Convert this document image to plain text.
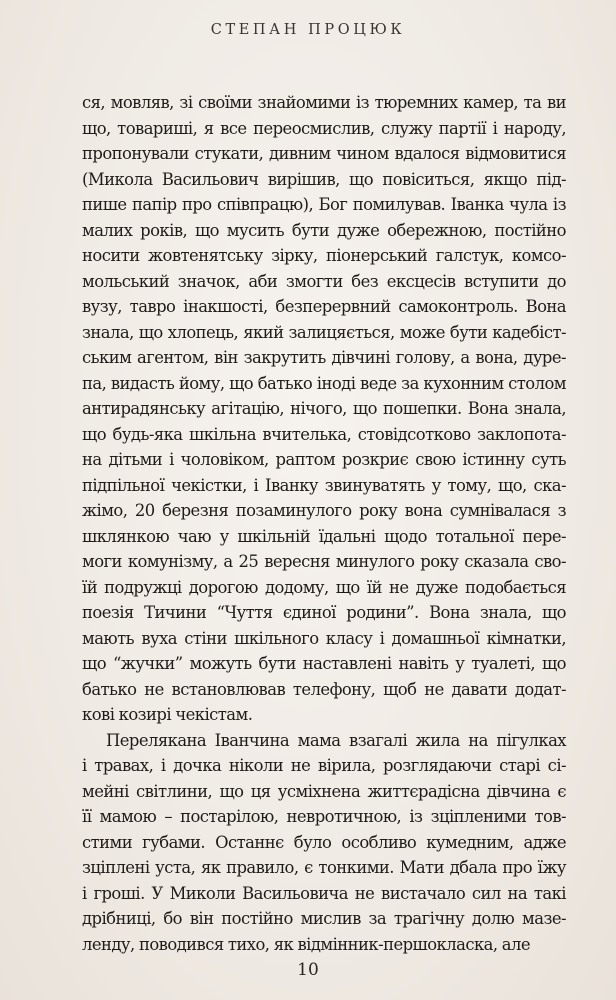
СТЕПАН ПРОЦЮК
ся, мовляв, зі своїми знайомими із тюремних камер, та ви
що, товариші, я все переосмислив, служу партії і народу,
пропонували стукати, дивним чином вдалося відмовитися
(Микола Васильович вирішив, що повіситься, якщо під-
пише папір про співпрацю), Бог помилував. Іванка чула із
малих років, що мусить бути дуже обережною, постійно
носити жовтенятську зірку, піонерський галстук, комсо-
мольський значок, аби змогти без ексцесів вступити до
вузу, тавро інакшості, безперервний самоконтроль. Вона
знала, що хлопець, який залицяється, може бути кадебіст-
ським агентом, він закрутить дівчині голову, а вона, дуре-
па, видасть йому, що батько іноді веде за кухонним столом
антирадянську агітацію, нічого, що пошепки. Вона знала,
що будь-яка шкільна вчителька, стовідсотково заклопота-
на дітьми і чоловіком, раптом розкриє свою істинну суть
підпільної чекістки, і Іванку звинуватять у тому, що, ска-
жімо, 20 березня позаминулого року вона сумнівалася з
шклянкою чаю у шкільній їдальні щодо тотальної пере-
моги комунізму, а 25 вересня минулого року сказала сво-
їй подружці дорогою додому, що їй не дуже подобається
поезія Тичини “Чуття єдиної родини”. Вона знала, що
мають вуха стіни шкільного класу і домашньої кімнатки,
що “жучки” можуть бути наставлені навіть у туалеті, що
батько не встановлював телефону, щоб не давати додат-
кові козирі чекістам.
Перелякана Іванчина мама взагалі жила на пігулках
і травах, і дочка ніколи не вірила, розглядаючи старі сі-
мейні світлини, що ця усміхнена життєрадісна дівчина є
її мамою – постарілою, невротичною, із зціпленими тов-
стими губами. Останнє було особливо кумедним, адже
зціплені уста, як правило, є тонкими. Мати дбала про їжу
і гроші. У Миколи Васильовича не вистачало сил на такі
дрібниці, бо він постійно мислив за трагічну долю мазе-
ленду, поводився тихо, як відмінник-першокласка, але
10
